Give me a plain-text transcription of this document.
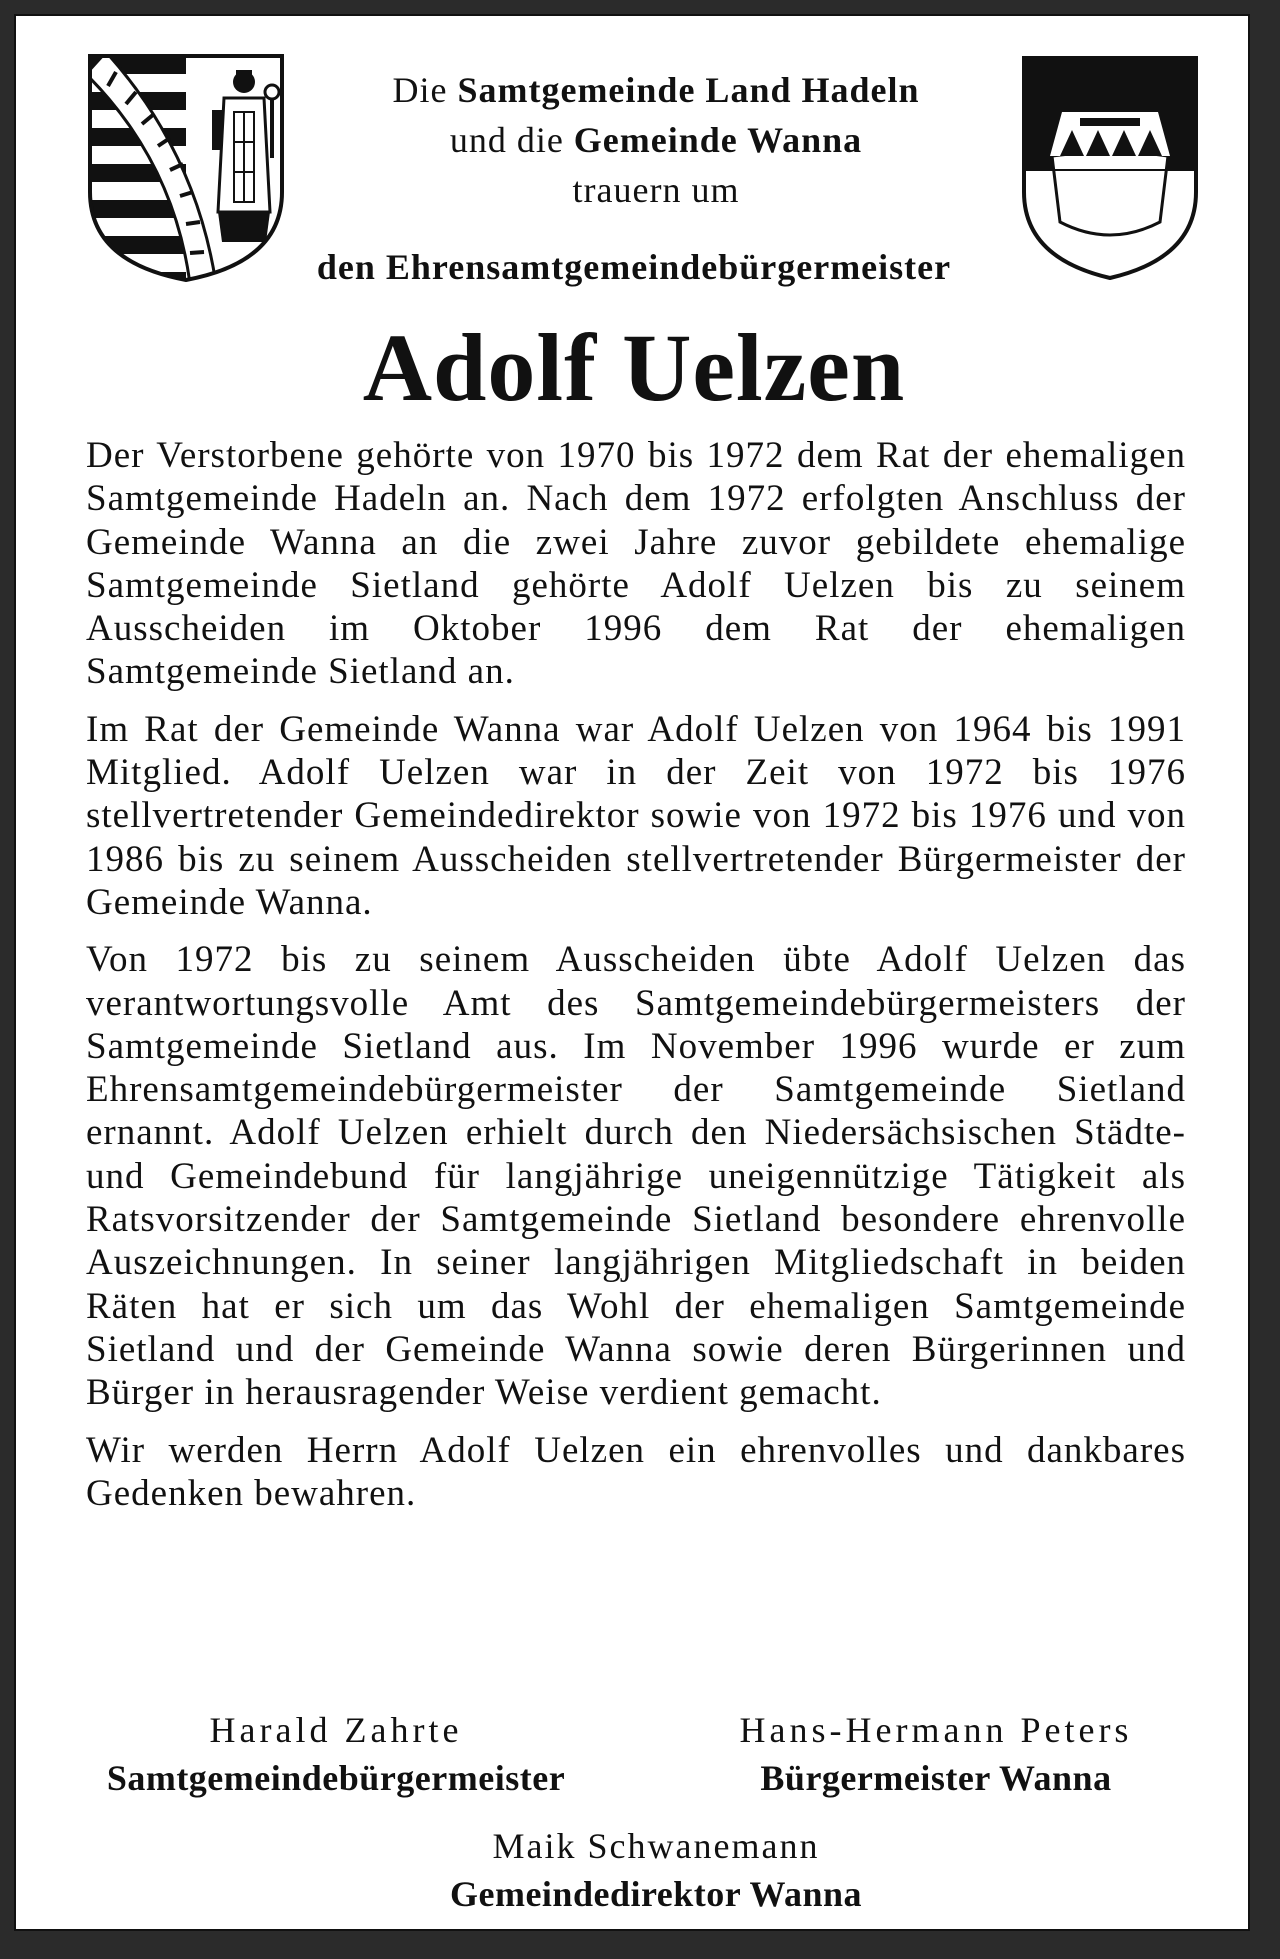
Die Samtgemeinde Land Hadeln
und die Gemeinde Wanna
trauern um
den Ehrensamtgemeindebürgermeister
Adolf Uelzen

Der Verstorbene gehörte von 1970 bis 1972 dem Rat der ehemaligen Samtgemeinde Hadeln an. Nach dem 1972 erfolgten Anschluss der Gemeinde Wanna an die zwei Jahre zuvor gebildete ehemalige Samtgemeinde Sietland gehörte Adolf Uelzen bis zu seinem Ausscheiden im Oktober 1996 dem Rat der ehemaligen Samtgemeinde Sietland an.

Im Rat der Gemeinde Wanna war Adolf Uelzen von 1964 bis 1991 Mitglied. Adolf Uelzen war in der Zeit von 1972 bis 1976 stellvertretender Gemeindedirektor sowie von 1972 bis 1976 und von 1986 bis zu seinem Ausscheiden stellvertretender Bürgermeister der Gemeinde Wanna.

Von 1972 bis zu seinem Ausscheiden übte Adolf Uelzen das verantwortungsvolle Amt des Samtgemeindebürgermeisters der Samtgemeinde Sietland aus. Im November 1996 wurde er zum Ehrensamtgemeindebürgermeister der Samtgemeinde Sietland ernannt. Adolf Uelzen erhielt durch den Niedersächsischen Städte- und Gemeindebund für langjährige uneigennützige Tätigkeit als Ratsvorsitzender der Samtgemeinde Sietland besondere ehrenvolle Auszeichnungen. In seiner langjährigen Mitgliedschaft in beiden Räten hat er sich um das Wohl der ehemaligen Samtgemeinde Sietland und der Gemeinde Wanna sowie deren Bürgerinnen und Bürger in herausragender Weise verdient gemacht.

Wir werden Herrn Adolf Uelzen ein ehrenvolles und dankbares Gedenken bewahren.

Harald Zahrte
Samtgemeindebürgermeister
Hans-Hermann Peters
Bürgermeister Wanna
Maik Schwanemann
Gemeindedirektor Wanna
